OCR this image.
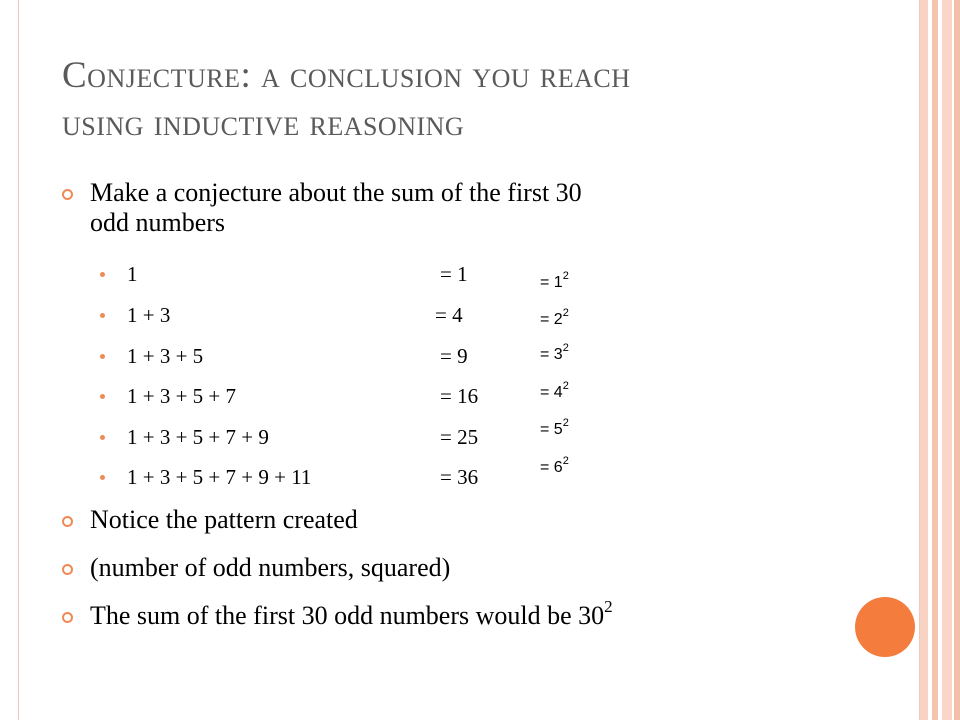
Conjecture: a conclusion you reach
using inductive reasoning
Make a conjecture about the sum of the first 30
odd numbers
1	= 1	= $1^2$
1 + 3	= 4	= $2^2$
1 + 3 + 5	= 9	= $3^2$
1 + 3 + 5 + 7	= 16	= $4^2$
1 + 3 + 5 + 7 + 9	= 25	= $5^2$
1 + 3 + 5 + 7 + 9 + 11	= 36	= $6^2$
Notice the pattern created
(number of odd numbers, squared)
The sum of the first 30 odd numbers would be $30^2$
